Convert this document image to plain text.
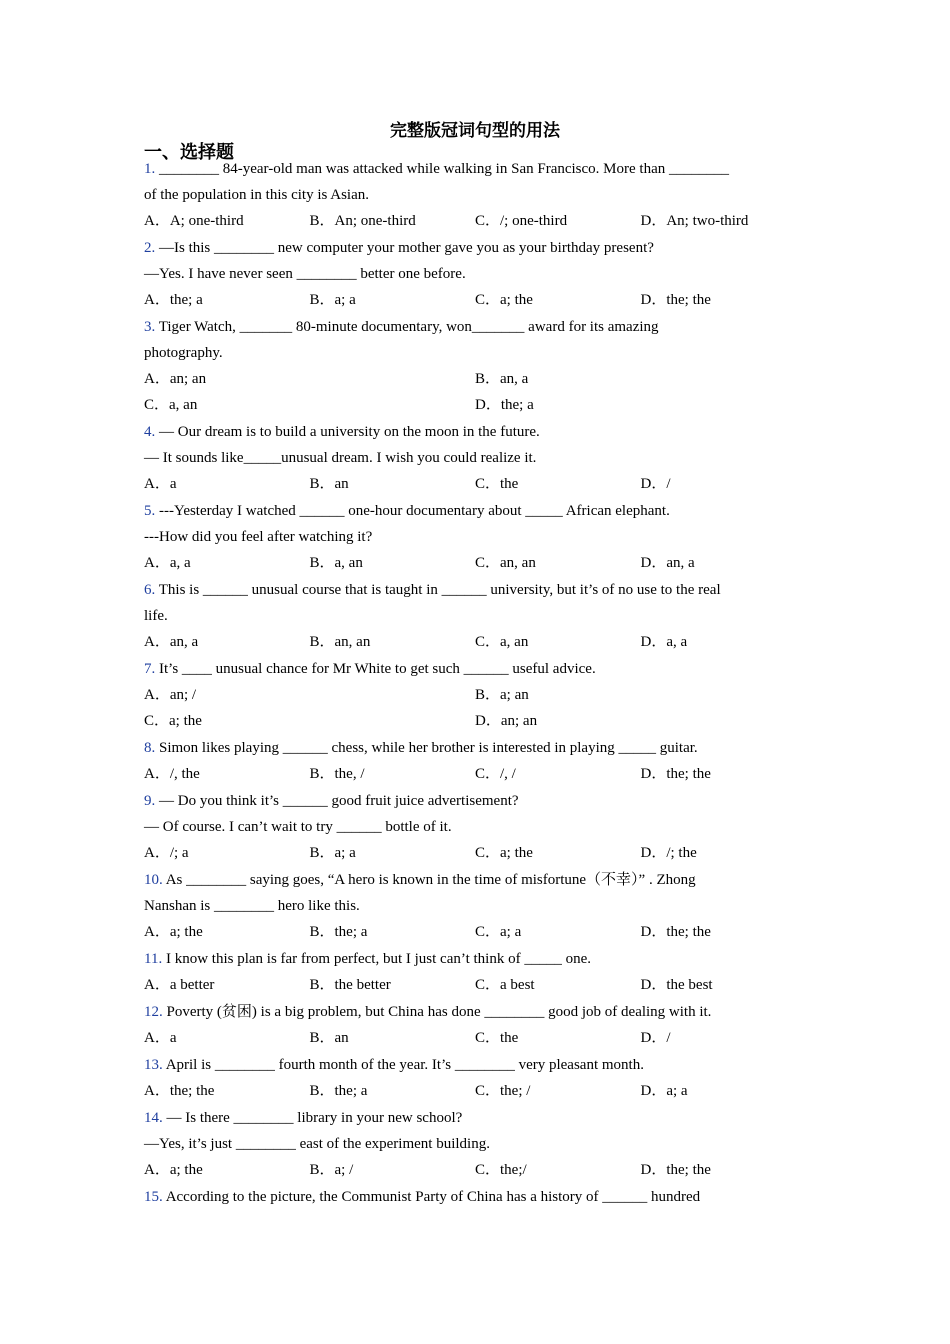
完整版冠词句型的用法
一、选择题
1. ________ 84-year-old man was attacked while walking in San Francisco. More than ________
of the population in this city is Asian.
A．A; one-third	B．An; one-third	C．/; one-third	D．An; two-third
2. —Is this ________ new computer your mother gave you as your birthday present?
—Yes. I have never seen ________ better one before.
A．the; a	B．a; a	C．a; the	D．the; the
3. Tiger Watch, _______ 80-minute documentary, won_______ award for its amazing
photography.
A．an; an	B．an, a
C．a, an	D．the; a
4. — Our dream is to build a university on the moon in the future.
— It sounds like_____unusual dream. I wish you could realize it.
A．a	B．an	C．the	D．/
5. ---Yesterday I watched ______ one-hour documentary about _____ African elephant.
---How did you feel after watching it?
A．a, a	B．a, an	C．an, an	D．an, a
6. This is ______ unusual course that is taught in ______ university, but it’s of no use to the real
life.
A．an, a	B．an, an	C．a, an	D．a, a
7. It’s ____ unusual chance for Mr White to get such ______ useful advice.
A．an; /	B．a; an
C．a; the	D．an; an
8. Simon likes playing ______ chess, while her brother is interested in playing _____ guitar.
A．/, the	B．the, /	C．/, /	D．the; the
9. — Do you think it’s ______ good fruit juice advertisement?
— Of course. I can’t wait to try ______ bottle of it.
A．/; a	B．a; a	C．a; the	D．/; the
10. As ________ saying goes, “A hero is known in the time of misfortune（不幸）” . Zhong
Nanshan is ________ hero like this.
A．a; the	B．the; a	C．a; a	D．the; the
11. I know this plan is far from perfect, but I just can’t think of _____ one.
A．a better	B．the better	C．a best	D．the best
12. Poverty (贫困) is a big problem, but China has done ________ good job of dealing with it.
A．a	B．an	C．the	D．/
13. April is ________ fourth month of the year. It’s ________ very pleasant month.
A．the; the	B．the; a	C．the; /	D．a; a
14. — Is there ________ library in your new school?
—Yes, it’s just ________ east of the experiment building.
A．a; the	B．a; /	C．the;/	D．the; the
15. According to the picture, the Communist Party of China has a history of ______ hundred
